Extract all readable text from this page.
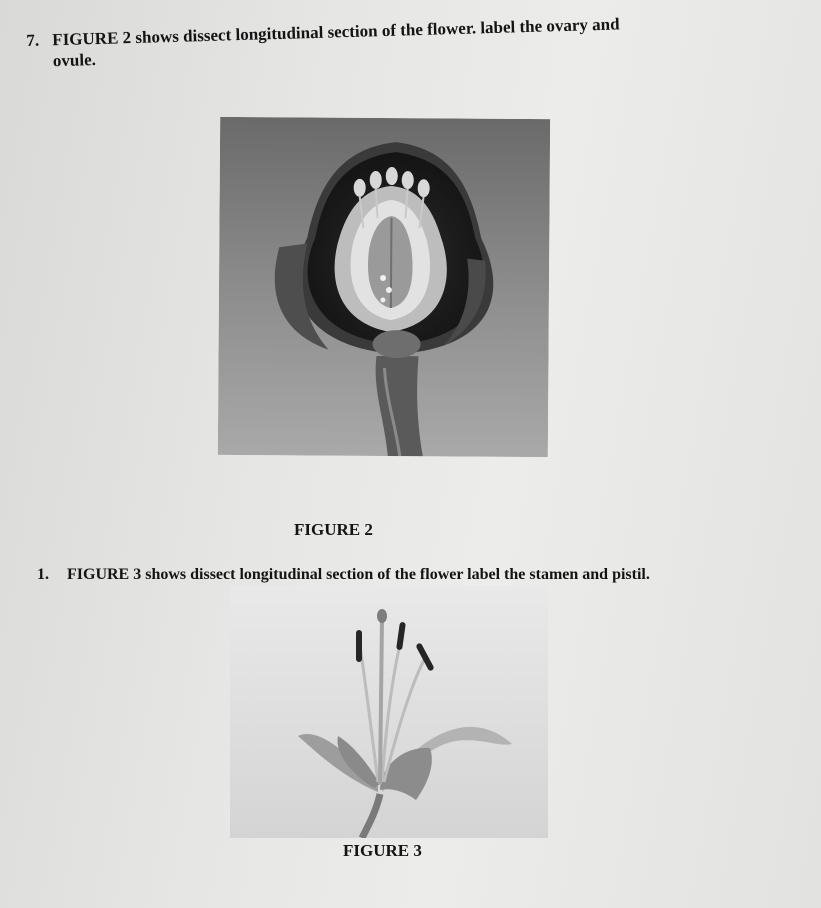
7. FIGURE 2 shows dissect longitudinal section of the flower. label the ovary and
ovule.
FIGURE 2
1. FIGURE 3 shows dissect longitudinal section of the flower label the stamen and pistil.
FIGURE 3
